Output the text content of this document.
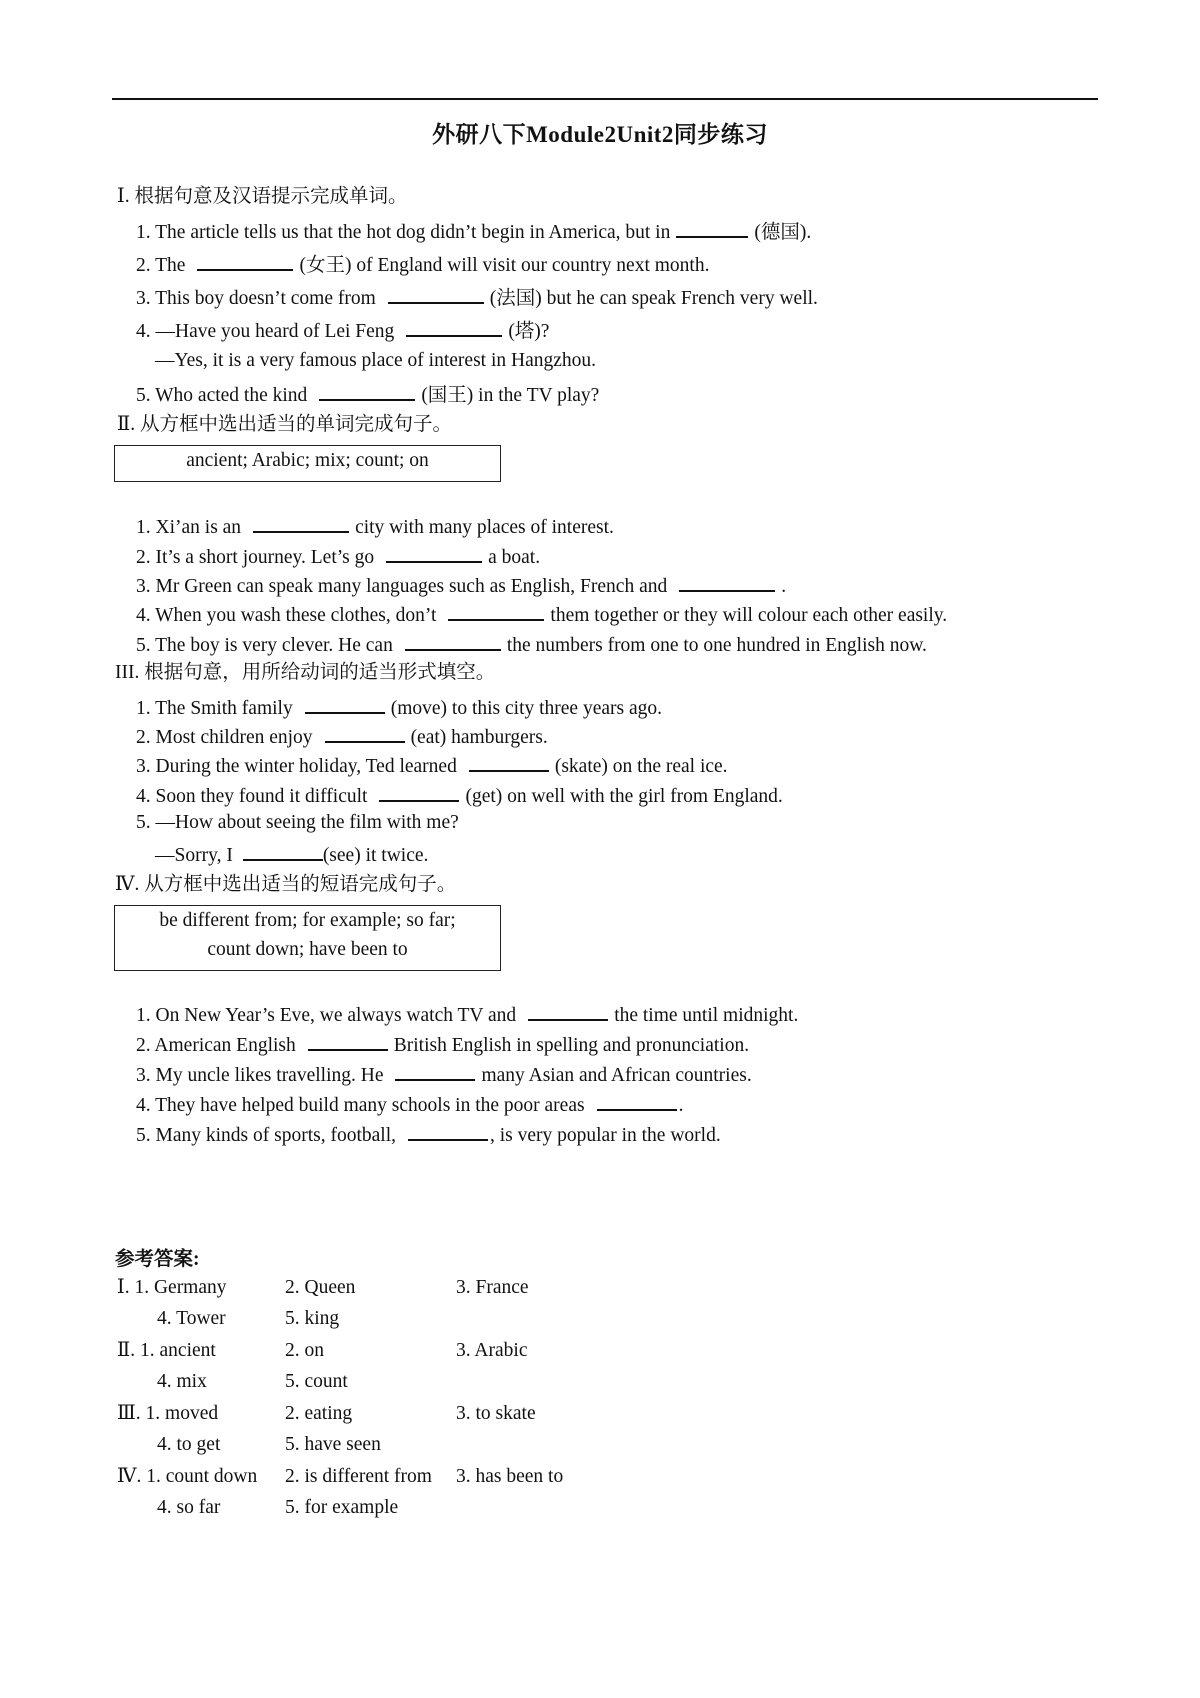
外研八下Module2Unit2同步练习
Ⅰ. 根据句意及汉语提示完成单词。
1. The article tells us that the hot dog didn’t begin in America, but in	(德国).
2. The	(女王) of England will visit our country next month.
3. This boy doesn’t come from	(法国) but he can speak French very well.
4. —Have you heard of Lei Feng	(塔)?
—Yes, it is a very famous place of interest in Hangzhou.
5. Who acted the kind	(国王) in the TV play?
Ⅱ. 从方框中选出适当的单词完成句子。
ancient; Arabic; mix; count; on
1. Xi’an is an	city with many places of interest.
2. It’s a short journey. Let’s go	a boat.
3. Mr Green can speak many languages such as English, French and	.
4. When you wash these clothes, don’t	them together or they will colour each other easily.
5. The boy is very clever. He can	the numbers from one to one hundred in English now.
III. 根据句意，用所给动词的适当形式填空。
1. The Smith family	(move) to this city three years ago.
2. Most children enjoy	(eat) hamburgers.
3. During the winter holiday, Ted learned	(skate) on the real ice.
4. Soon they found it difficult	(get) on well with the girl from England.
5. —How about seeing the film with me?
—Sorry, I	(see) it twice.
Ⅳ. 从方框中选出适当的短语完成句子。
be different from; for example; so far;
count down; have been to
1. On New Year’s Eve, we always watch TV and	the time until midnight.
2. American English	British English in spelling and pronunciation.
3. My uncle likes travelling. He	many Asian and African countries.
4. They have helped build many schools in the poor areas	.
5. Many kinds of sports, football,	, is very popular in the world.
参考答案:
Ⅰ. 1. Germany	2. Queen	3. France
4. Tower	5. king
Ⅱ. 1. ancient	2. on	3. Arabic
4. mix	5. count
Ⅲ. 1. moved	2. eating	3. to skate
4. to get	5. have seen
Ⅳ. 1. count down 2. is different from 3. has been to
4. so far	5. for example
